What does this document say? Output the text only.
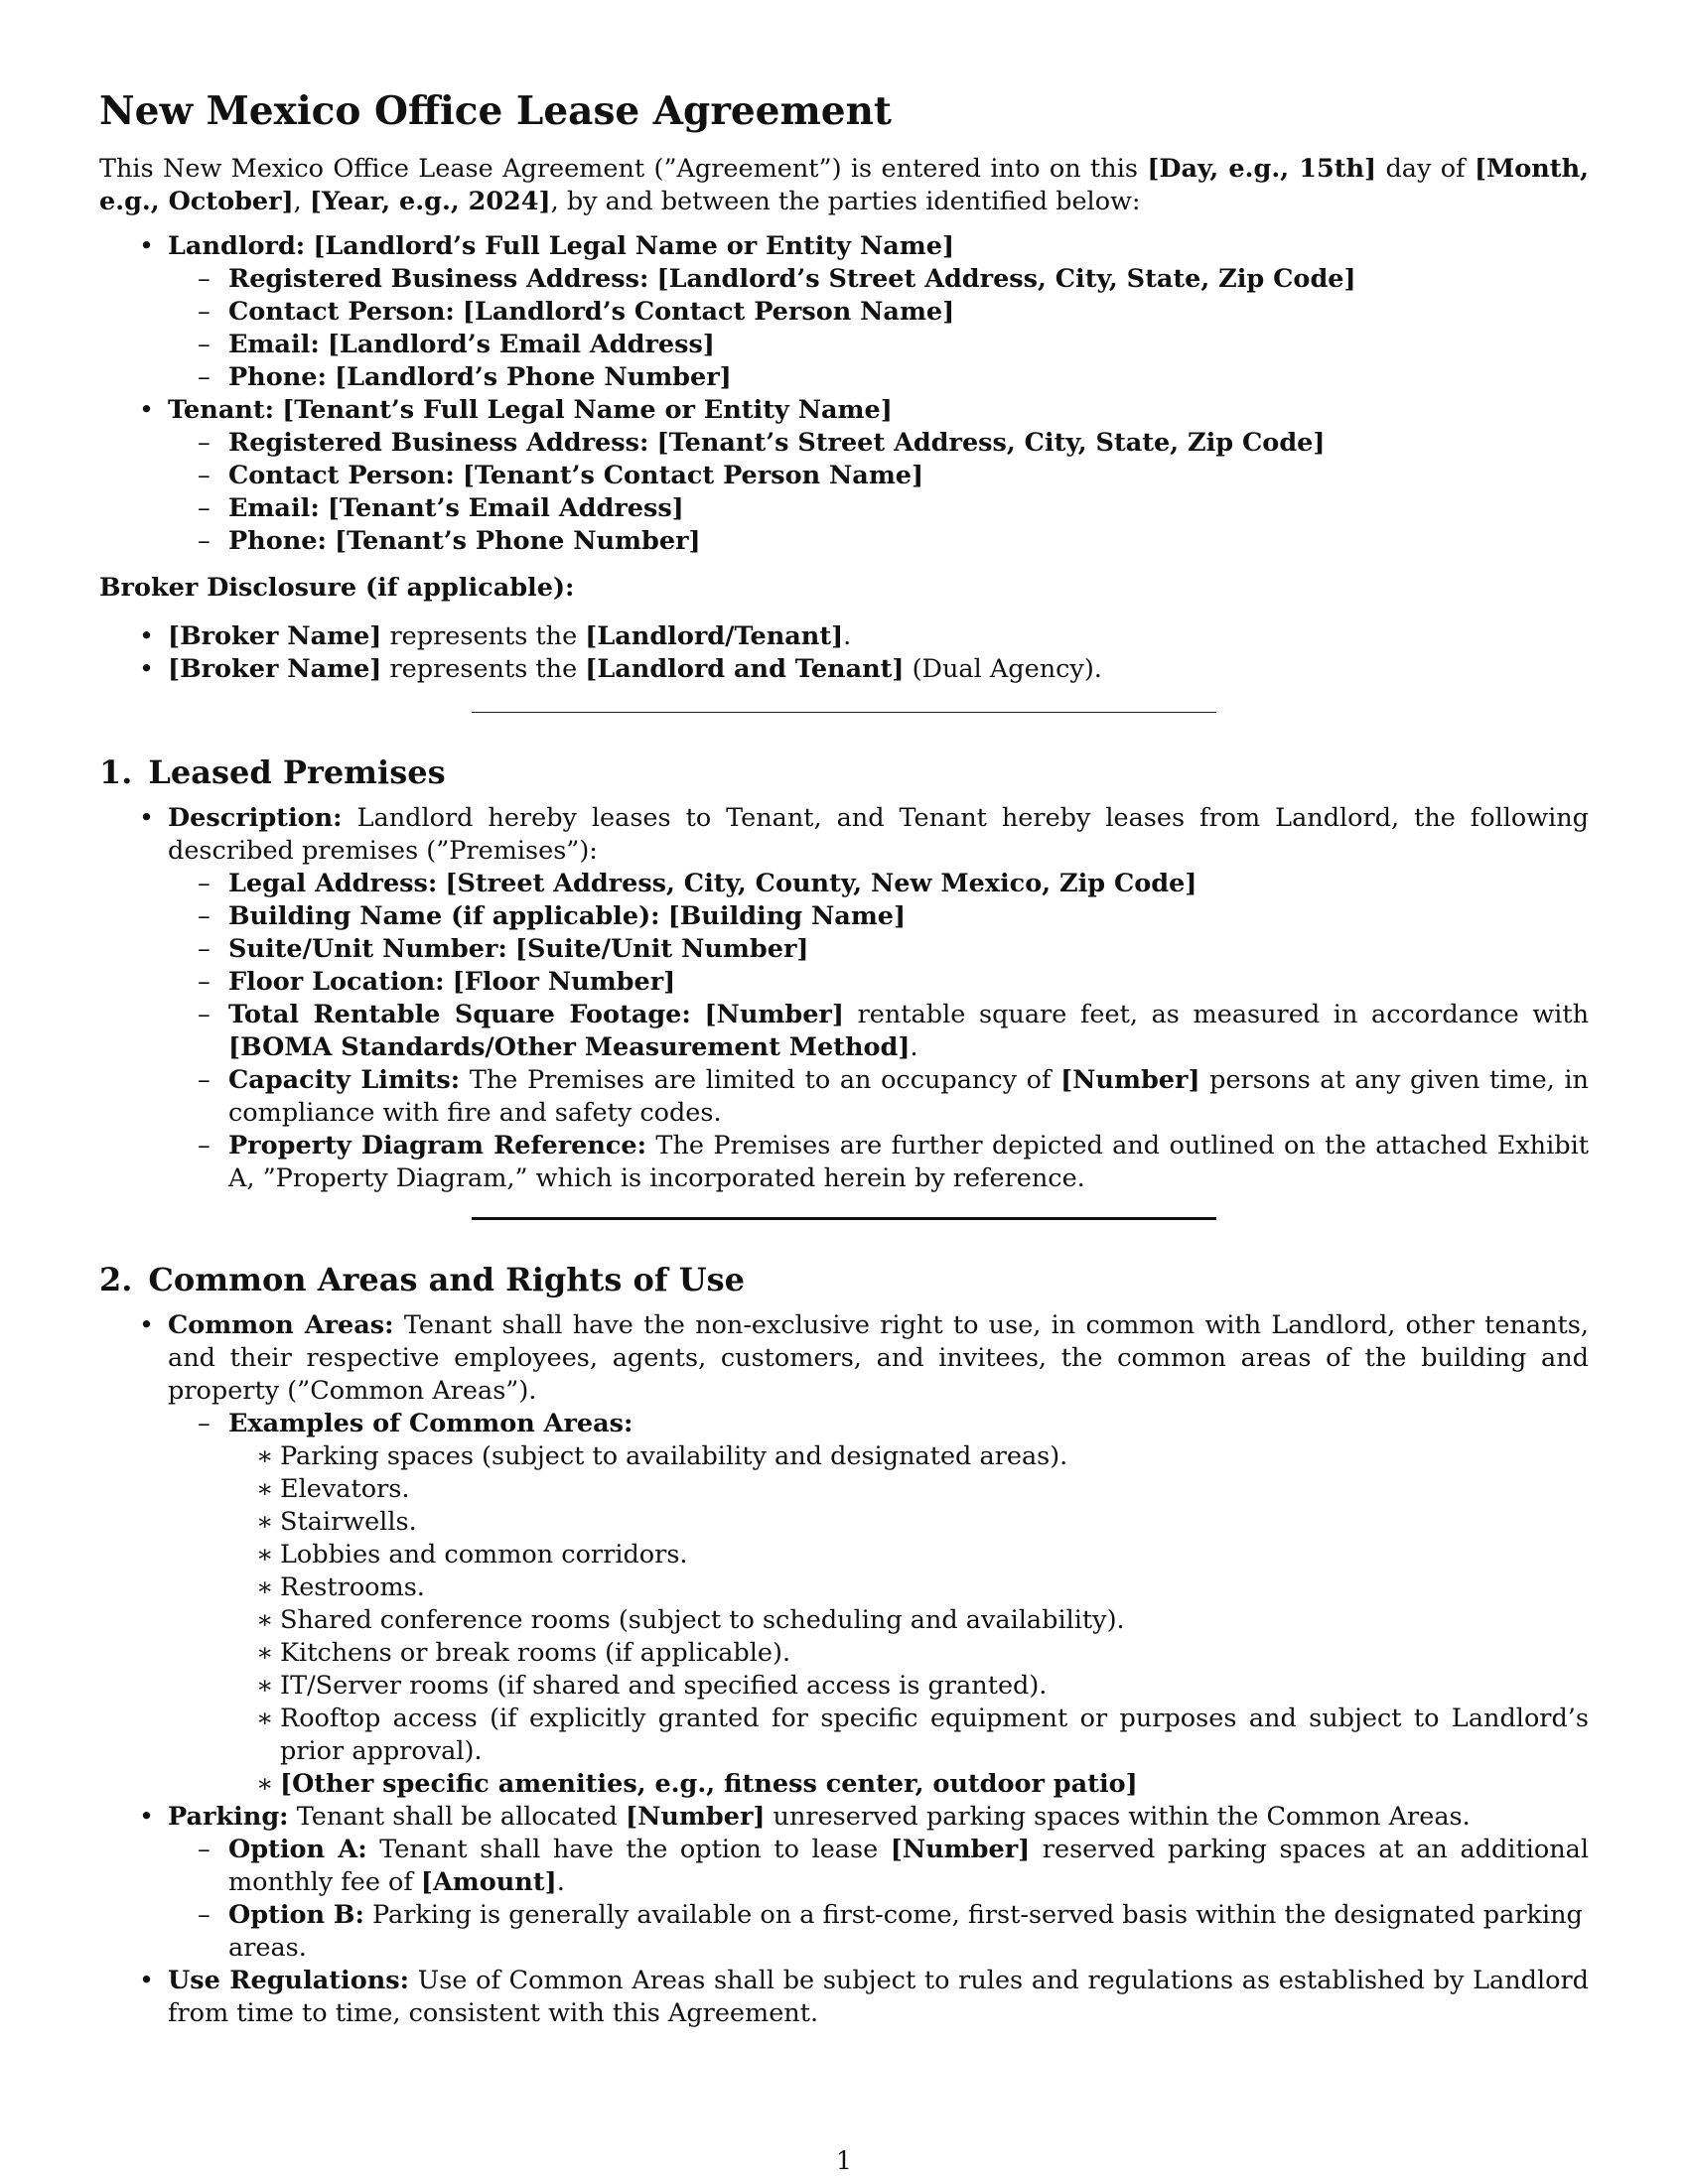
New Mexico Office Lease Agreement

This New Mexico Office Lease Agreement (”Agreement”) is entered into on this [Day, e.g., 15th] day of [Month, e.g., October], [Year, e.g., 2024], by and between the parties identified below:

• Landlord: [Landlord’s Full Legal Name or Entity Name]
– Registered Business Address: [Landlord’s Street Address, City, State, Zip Code]
– Contact Person: [Landlord’s Contact Person Name]
– Email: [Landlord’s Email Address]
– Phone: [Landlord’s Phone Number]
• Tenant: [Tenant’s Full Legal Name or Entity Name]
– Registered Business Address: [Tenant’s Street Address, City, State, Zip Code]
– Contact Person: [Tenant’s Contact Person Name]
– Email: [Tenant’s Email Address]
– Phone: [Tenant’s Phone Number]

Broker Disclosure (if applicable):

• [Broker Name] represents the [Landlord/Tenant].
• [Broker Name] represents the [Landlord and Tenant] (Dual Agency).
1. Leased Premises
• Description: Landlord hereby leases to Tenant, and Tenant hereby leases from Landlord, the following described premises (”Premises”):
– Legal Address: [Street Address, City, County, New Mexico, Zip Code]
– Building Name (if applicable): [Building Name]
– Suite/Unit Number: [Suite/Unit Number]
– Floor Location: [Floor Number]
– Total Rentable Square Footage: [Number] rentable square feet, as measured in accordance with [BOMA Standards/Other Measurement Method].
– Capacity Limits: The Premises are limited to an occupancy of [Number] persons at any given time, in compliance with fire and safety codes.
– Property Diagram Reference: The Premises are further depicted and outlined on the attached Exhibit A, ”Property Diagram,” which is incorporated herein by reference.
2. Common Areas and Rights of Use
• Common Areas: Tenant shall have the non-exclusive right to use, in common with Landlord, other tenants, and their respective employees, agents, customers, and invitees, the common areas of the building and property (”Common Areas”).
– Examples of Common Areas:
∗ Parking spaces (subject to availability and designated areas).
∗ Elevators.
∗ Stairwells.
∗ Lobbies and common corridors.
∗ Restrooms.
∗ Shared conference rooms (subject to scheduling and availability).
∗ Kitchens or break rooms (if applicable).
∗ IT/Server rooms (if shared and specified access is granted).
∗ Rooftop access (if explicitly granted for specific equipment or purposes and subject to Landlord’s prior approval).
∗ [Other specific amenities, e.g., fitness center, outdoor patio]
• Parking: Tenant shall be allocated [Number] unreserved parking spaces within the Common Areas.
– Option A: Tenant shall have the option to lease [Number] reserved parking spaces at an additional monthly fee of [Amount].
– Option B: Parking is generally available on a first-come, first-served basis within the designated parking areas.
• Use Regulations: Use of Common Areas shall be subject to rules and regulations as established by Landlord from time to time, consistent with this Agreement.
1
